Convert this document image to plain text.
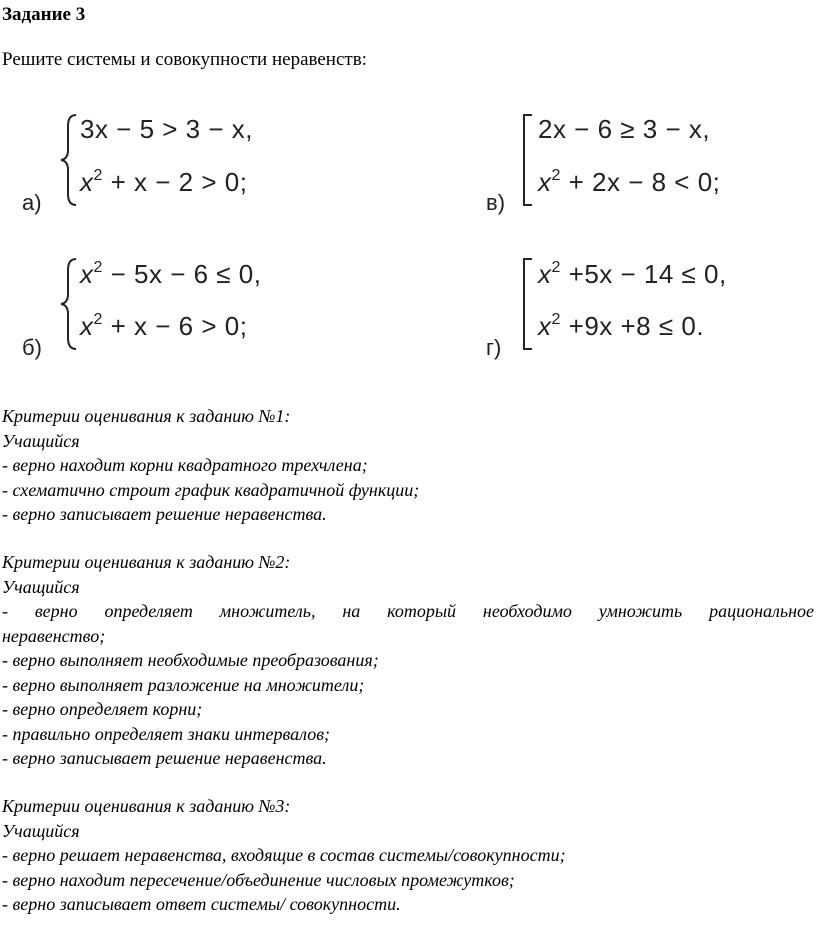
Задание 3

Решите системы и совокупности неравенств:

3x − 5 > 3 − x,
$x^2 + x - 2 > 0$;
а)
2x − 6 ≥ 3 − x,
$x^2 + 2x - 8 < 0$;
в)
$x^2 - 5x - 6 \le 0$,
$x^2 + x - 6 > 0$;
б)
$x^2 +5x - 14 \le 0$,
$x^2 +9x +8 \le 0$.
г)
Критерии оценивания к заданию №1:
Учащийся
- верно находит корни квадратного трехчлена;
- схематично строит график квадратичной функции;
- верно записывает решение неравенства.
Критерии оценивания к заданию №2:
Учащийся
- верно определяет множитель, на который необходимо умножить рациональное
неравенство;
- верно выполняет необходимые преобразования;
- верно выполняет разложение на множители;
- верно определяет корни;
- правильно определяет знаки интервалов;
- верно записывает решение неравенства.
Критерии оценивания к заданию №3:
Учащийся
- верно решает неравенства, входящие в состав системы/совокупности;
- верно находит пересечение/объединение числовых промежутков;
- верно записывает ответ системы/ совокупности.
